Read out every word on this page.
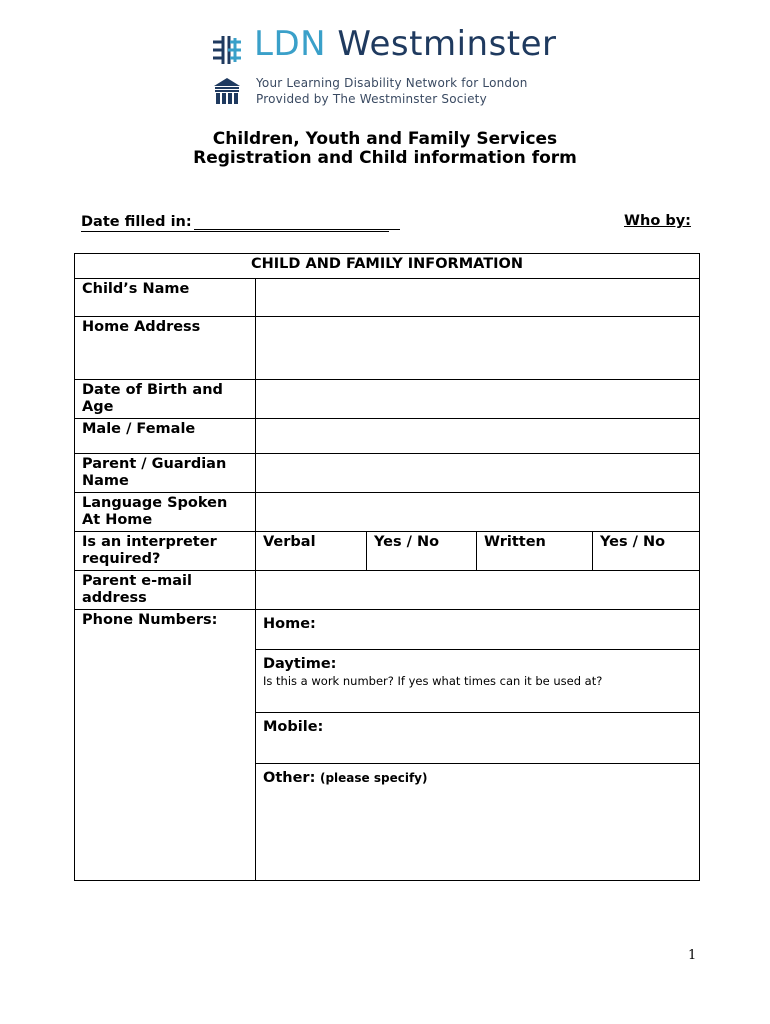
LDN Westminster
Your Learning Disability Network for London
Provided by The Westminster Society
Children, Youth and Family Services
Registration and Child information form
Date filled in:	Who by:
CHILD AND FAMILY INFORMATION				
Child’s Name				
Home Address				
Date of Birth and Age				
Male / Female				
Parent / Guardian Name				
Language Spoken At Home				
Is an interpreter required?	Verbal	Yes / No	Written	Yes / No
Parent e-mail address				
Phone Numbers:	Home:			
	Daytime:
Is this a work number? If yes what times can it be used at?			

	Mobile:			
	Other: (please specify)			
1
